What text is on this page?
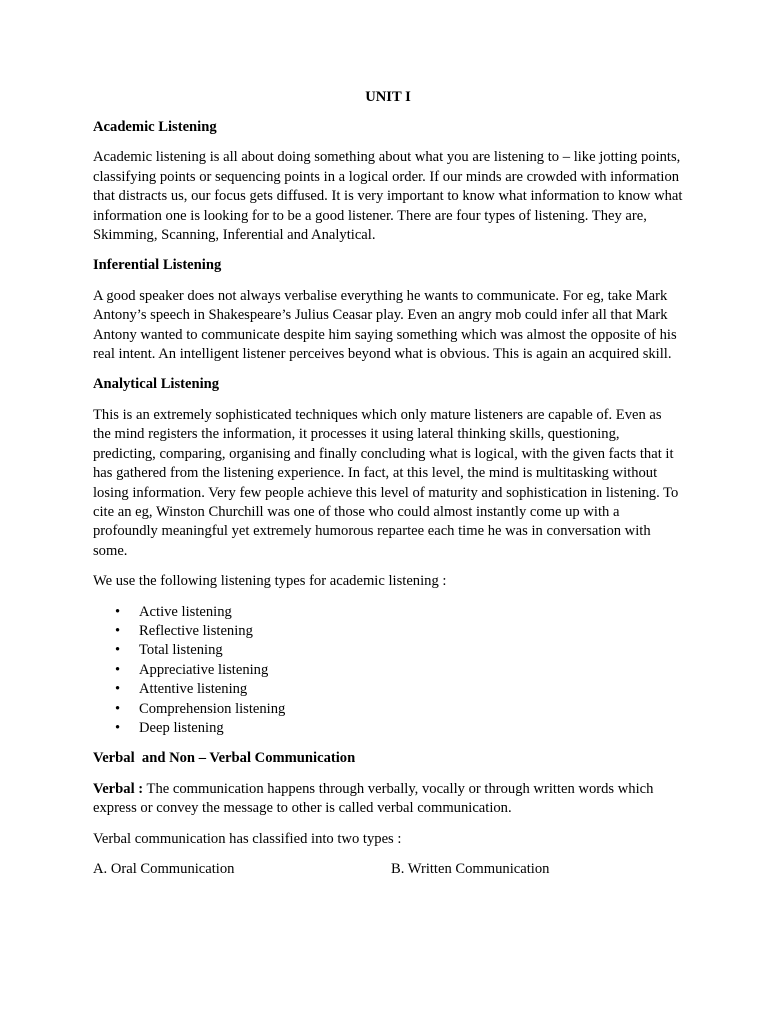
UNIT I
Academic Listening
Academic listening is all about doing something about what you are listening to – like jotting points, classifying points or sequencing points in a logical order. If our minds are crowded with information that distracts us, our focus gets diffused. It is very important to know what information to know what information one is looking for to be a good listener. There are four types of listening. They are, Skimming, Scanning, Inferential and Analytical.
Inferential Listening
A good speaker does not always verbalise everything he wants to communicate. For eg, take Mark Antony’s speech in Shakespeare’s Julius Ceasar play. Even an angry mob could infer all that Mark Antony wanted to communicate despite him saying something which was almost the opposite of his real intent. An intelligent listener perceives beyond what is obvious. This is again an acquired skill.
Analytical Listening
This is an extremely sophisticated techniques which only mature listeners are capable of. Even as the mind registers the information, it processes it using lateral thinking skills, questioning, predicting, comparing, organising and finally concluding what is logical, with the given facts that it has gathered from the listening experience. In fact, at this level, the mind is multitasking without losing information. Very few people achieve this level of maturity and sophistication in listening. To cite an eg, Winston Churchill was one of those who could almost instantly come up with a profoundly meaningful yet extremely humorous repartee each time he was in conversation with some.
We use the following listening types for academic listening :
• Active listening
• Reflective listening
• Total listening
• Appreciative listening
• Attentive listening
• Comprehension listening
• Deep listening
Verbal  and Non – Verbal Communication
Verbal : The communication happens through verbally, vocally or through written words which express or convey the message to other is called verbal communication.
Verbal communication has classified into two types :
A. Oral Communication	B. Written Communication
